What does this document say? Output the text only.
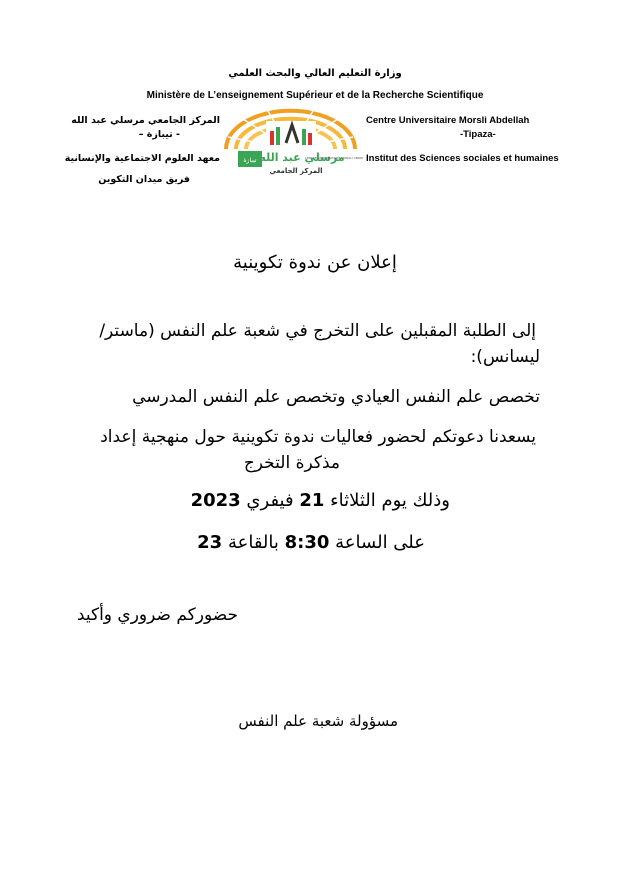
وزارة التعليم العالي والبحث العلمي
Ministère de L’enseignement Supérieur et de la Recherche Scientifique
المركز الجامعي مرسلي عبد الله
- تيبازة –
معهد العلوم الاجتماعية والإنسانية
فريق ميدان التكوين
تيبازة مرسلي عبد الله
المركز الجامعي
CENTRE UNIVERSITAIRE MORSLI ABDE
Centre Universitaire Morsli Abdellah
-Tipaza-
Institut des Sciences sociales et humaines
إعلان عن ندوة تكوينية
إلى الطلبة المقبلين على التخرج في شعبة علم النفس (ماستر/
ليسانس):
تخصص علم النفس العيادي وتخصص علم النفس المدرسي
يسعدنا دعوتكم لحضور فعاليات ندوة تكوينية حول منهجية إعداد
مذكرة التخرج
وذلك يوم الثلاثاء 21 فيفري 2023
على الساعة 8:30 بالقاعة 23
حضوركم ضروري وأكيد
مسؤولة شعبة علم النفس
